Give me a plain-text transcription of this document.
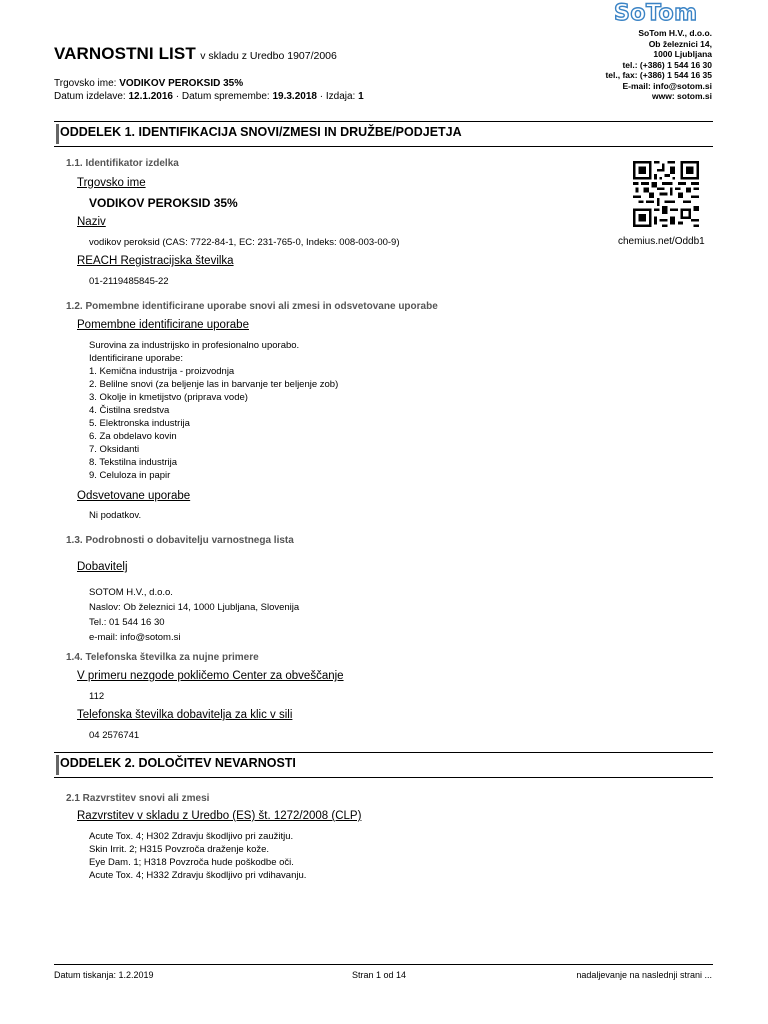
VARNOSTNI LIST v skladu z Uredbo 1907/2006
Trgovsko ime: VODIKOV PEROKSID 35%
Datum izdelave: 12.1.2016 · Datum spremembe: 19.3.2018 · Izdaja: 1
SoTom
SoTom H.V., d.o.o.
Ob železnici 14,
1000 Ljubljana
tel.: (+386) 1 544 16 30
tel., fax: (+386) 1 544 16 35
E-mail: info@sotom.si
www: sotom.si
ODDELEK 1. IDENTIFIKACIJA SNOVI/ZMESI IN DRUŽBE/PODJETJA
chemius.net/Oddb1
1.1. Identifikator izdelka
Trgovsko ime
VODIKOV PEROKSID 35%
Naziv
vodikov peroksid (CAS: 7722-84-1, EC: 231-765-0, Indeks: 008-003-00-9)
REACH Registracijska številka
01-2119485845-22
1.2. Pomembne identificirane uporabe snovi ali zmesi in odsvetovane uporabe
Pomembne identificirane uporabe
Surovina za industrijsko in profesionalno uporabo.
Identificirane uporabe:
1. Kemična industrija - proizvodnja
2. Belilne snovi (za beljenje las in barvanje ter beljenje zob)
3. Okolje in kmetijstvo (priprava vode)
4. Čistilna sredstva
5. Elektronska industrija
6. Za obdelavo kovin
7. Oksidanti
8. Tekstilna industrija
9. Celuloza in papir
Odsvetovane uporabe
Ni podatkov.
1.3. Podrobnosti o dobavitelju varnostnega lista
Dobavitelj
SOTOM H.V., d.o.o.
Naslov: Ob železnici 14, 1000 Ljubljana, Slovenija
Tel.: 01 544 16 30
e-mail: info@sotom.si
1.4. Telefonska številka za nujne primere
V primeru nezgode pokličemo Center za obveščanje
112
Telefonska številka dobavitelja za klic v sili
04 2576741
ODDELEK 2. DOLOČITEV NEVARNOSTI
2.1 Razvrstitev snovi ali zmesi
Razvrstitev v skladu z Uredbo (ES) št. 1272/2008 (CLP)
Acute Tox. 4; H302 Zdravju škodljivo pri zaužitju.
Skin Irrit. 2; H315 Povzroča draženje kože.
Eye Dam. 1; H318 Povzroča hude poškodbe oči.
Acute Tox. 4; H332 Zdravju škodljivo pri vdihavanju.
Datum tiskanja: 1.2.2019	Stran 1 od 14	nadaljevanje na naslednji strani ...
